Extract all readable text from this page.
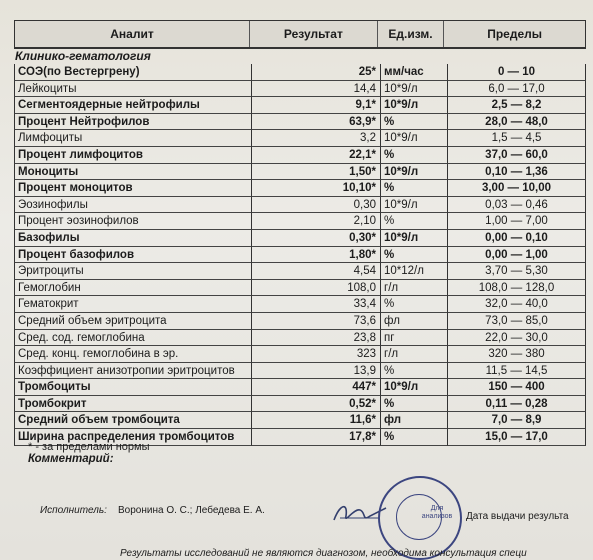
Аналит	Результат	Ед.изм.	Пределы
Клинико-гематология
СОЭ(по Вестергрену)	25* мм/час	0 — 10
Лейкоциты	14,4 10*9/л	6,0 — 17,0
Сегментоядерные нейтрофилы	9,1* 10*9/л	2,5 — 8,2
Процент Нейтрофилов	63,9* %	28,0 — 48,0
Лимфоциты	3,2 10*9/л	1,5 — 4,5
Процент лимфоцитов	22,1* %	37,0 — 60,0
Моноциты	1,50* 10*9/л	0,10 — 1,36
Процент моноцитов	10,10* %	3,00 — 10,00
Эозинофилы	0,30 10*9/л	0,03 — 0,46
Процент эозинофилов	2,10 %	1,00 — 7,00
Базофилы	0,30* 10*9/л	0,00 — 0,10
Процент базофилов	1,80* %	0,00 — 1,00
Эритроциты	4,54 10*12/л	3,70 — 5,30
Гемоглобин	108,0 г/л	108,0 — 128,0
Гематокрит	33,4 %	32,0 — 40,0
Средний объем эритроцита	73,6 фл	73,0 — 85,0
Сред. сод. гемоглобина	23,8 пг	22,0 — 30,0
Сред. конц. гемоглобина в эр.	323 г/л	320 — 380
Коэффициент анизотропии эритроцитов	13,9 %	11,5 — 14,5
Тромбоциты	447* 10*9/л	150 — 400
Тромбокрит	0,52* %	0,11 — 0,28
Средний объем тромбоцита	11,6* фл	7,0 — 8,9
Ширина распределения тромбоцитов	17,8* %	15,0 — 17,0
* - за пределами нормы
Комментарий:
Исполнитель: Воронина О. С.; Лебедева Е. А.	Для анализов Дата выдачи результа
Результаты исследований не являются диагнозом, необходима консультация специ
